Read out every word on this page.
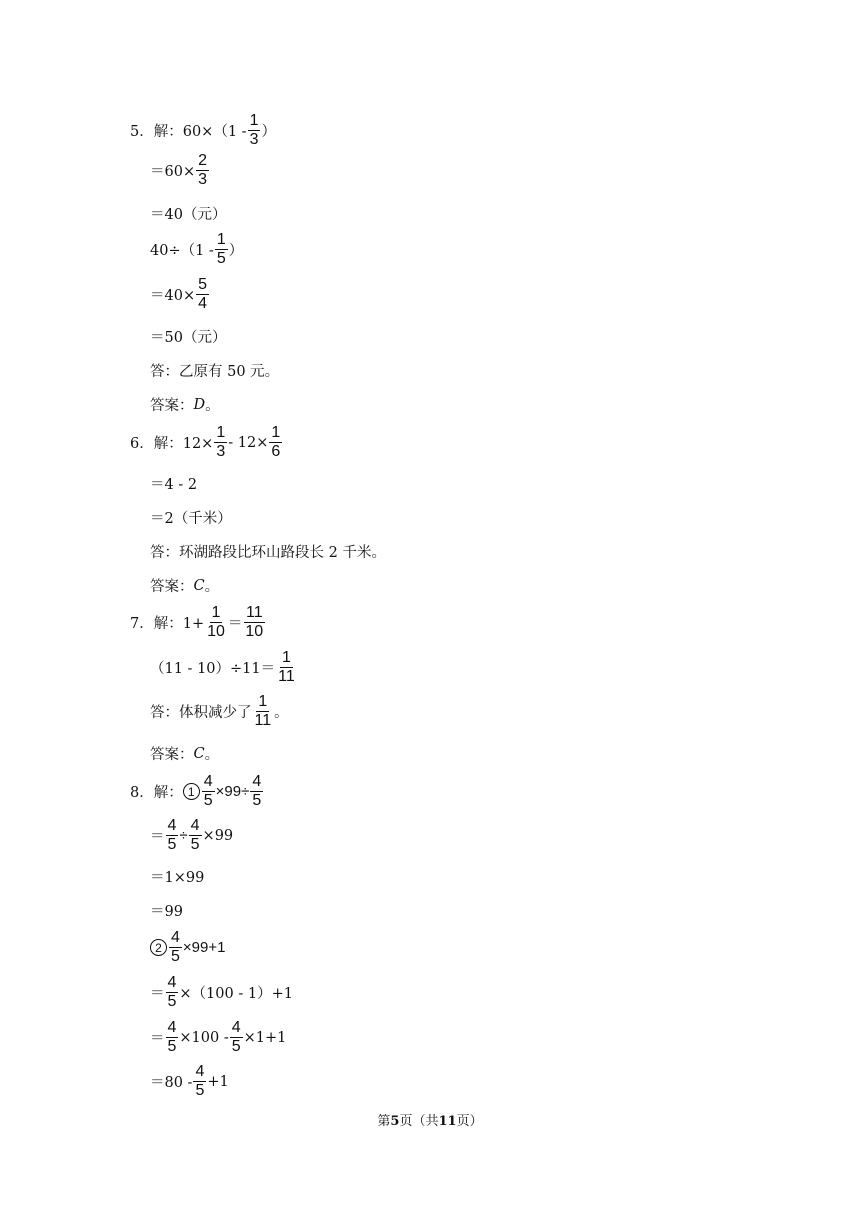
5．解：$60\times(1 - \frac{1}{3}$ ）
$=60\times \frac{2}{3}$
＝40（元）
$40\div(1 - \frac{1}{5}$ ）
$=40\times \frac{5}{4}$
＝50（元）
答：乙原有 50 元。
答案： D 。
6．解：$12\times \frac{1}{3} - 12\times \frac{1}{6}$
＝4 - 2
＝2（千米）
答：环湖路段比环山路段长 2 千米。
答案： C 。
7．解：$1+ \frac{1}{10} = \frac{11}{10}$
$(11 - 10)\div 11= \frac{1}{11}$
答：体积减少了 $\frac{1}{11}$ 。
答案： C 。
8．解： $1 \frac{4}{5} \times 99\div \frac{4}{5}$
＝ $\frac{4}{5} \div \frac{4}{5} \times 99$
＝1×99
＝99
$2 \frac{4}{5} \times 99+1$
＝ $\frac{4}{5} \times(100 - 1)+1$
＝ $\frac{4}{5} \times 100 - \frac{4}{5} \times 1+1$
$=80 - \frac{4}{5} +1$
第5页（共11页）
